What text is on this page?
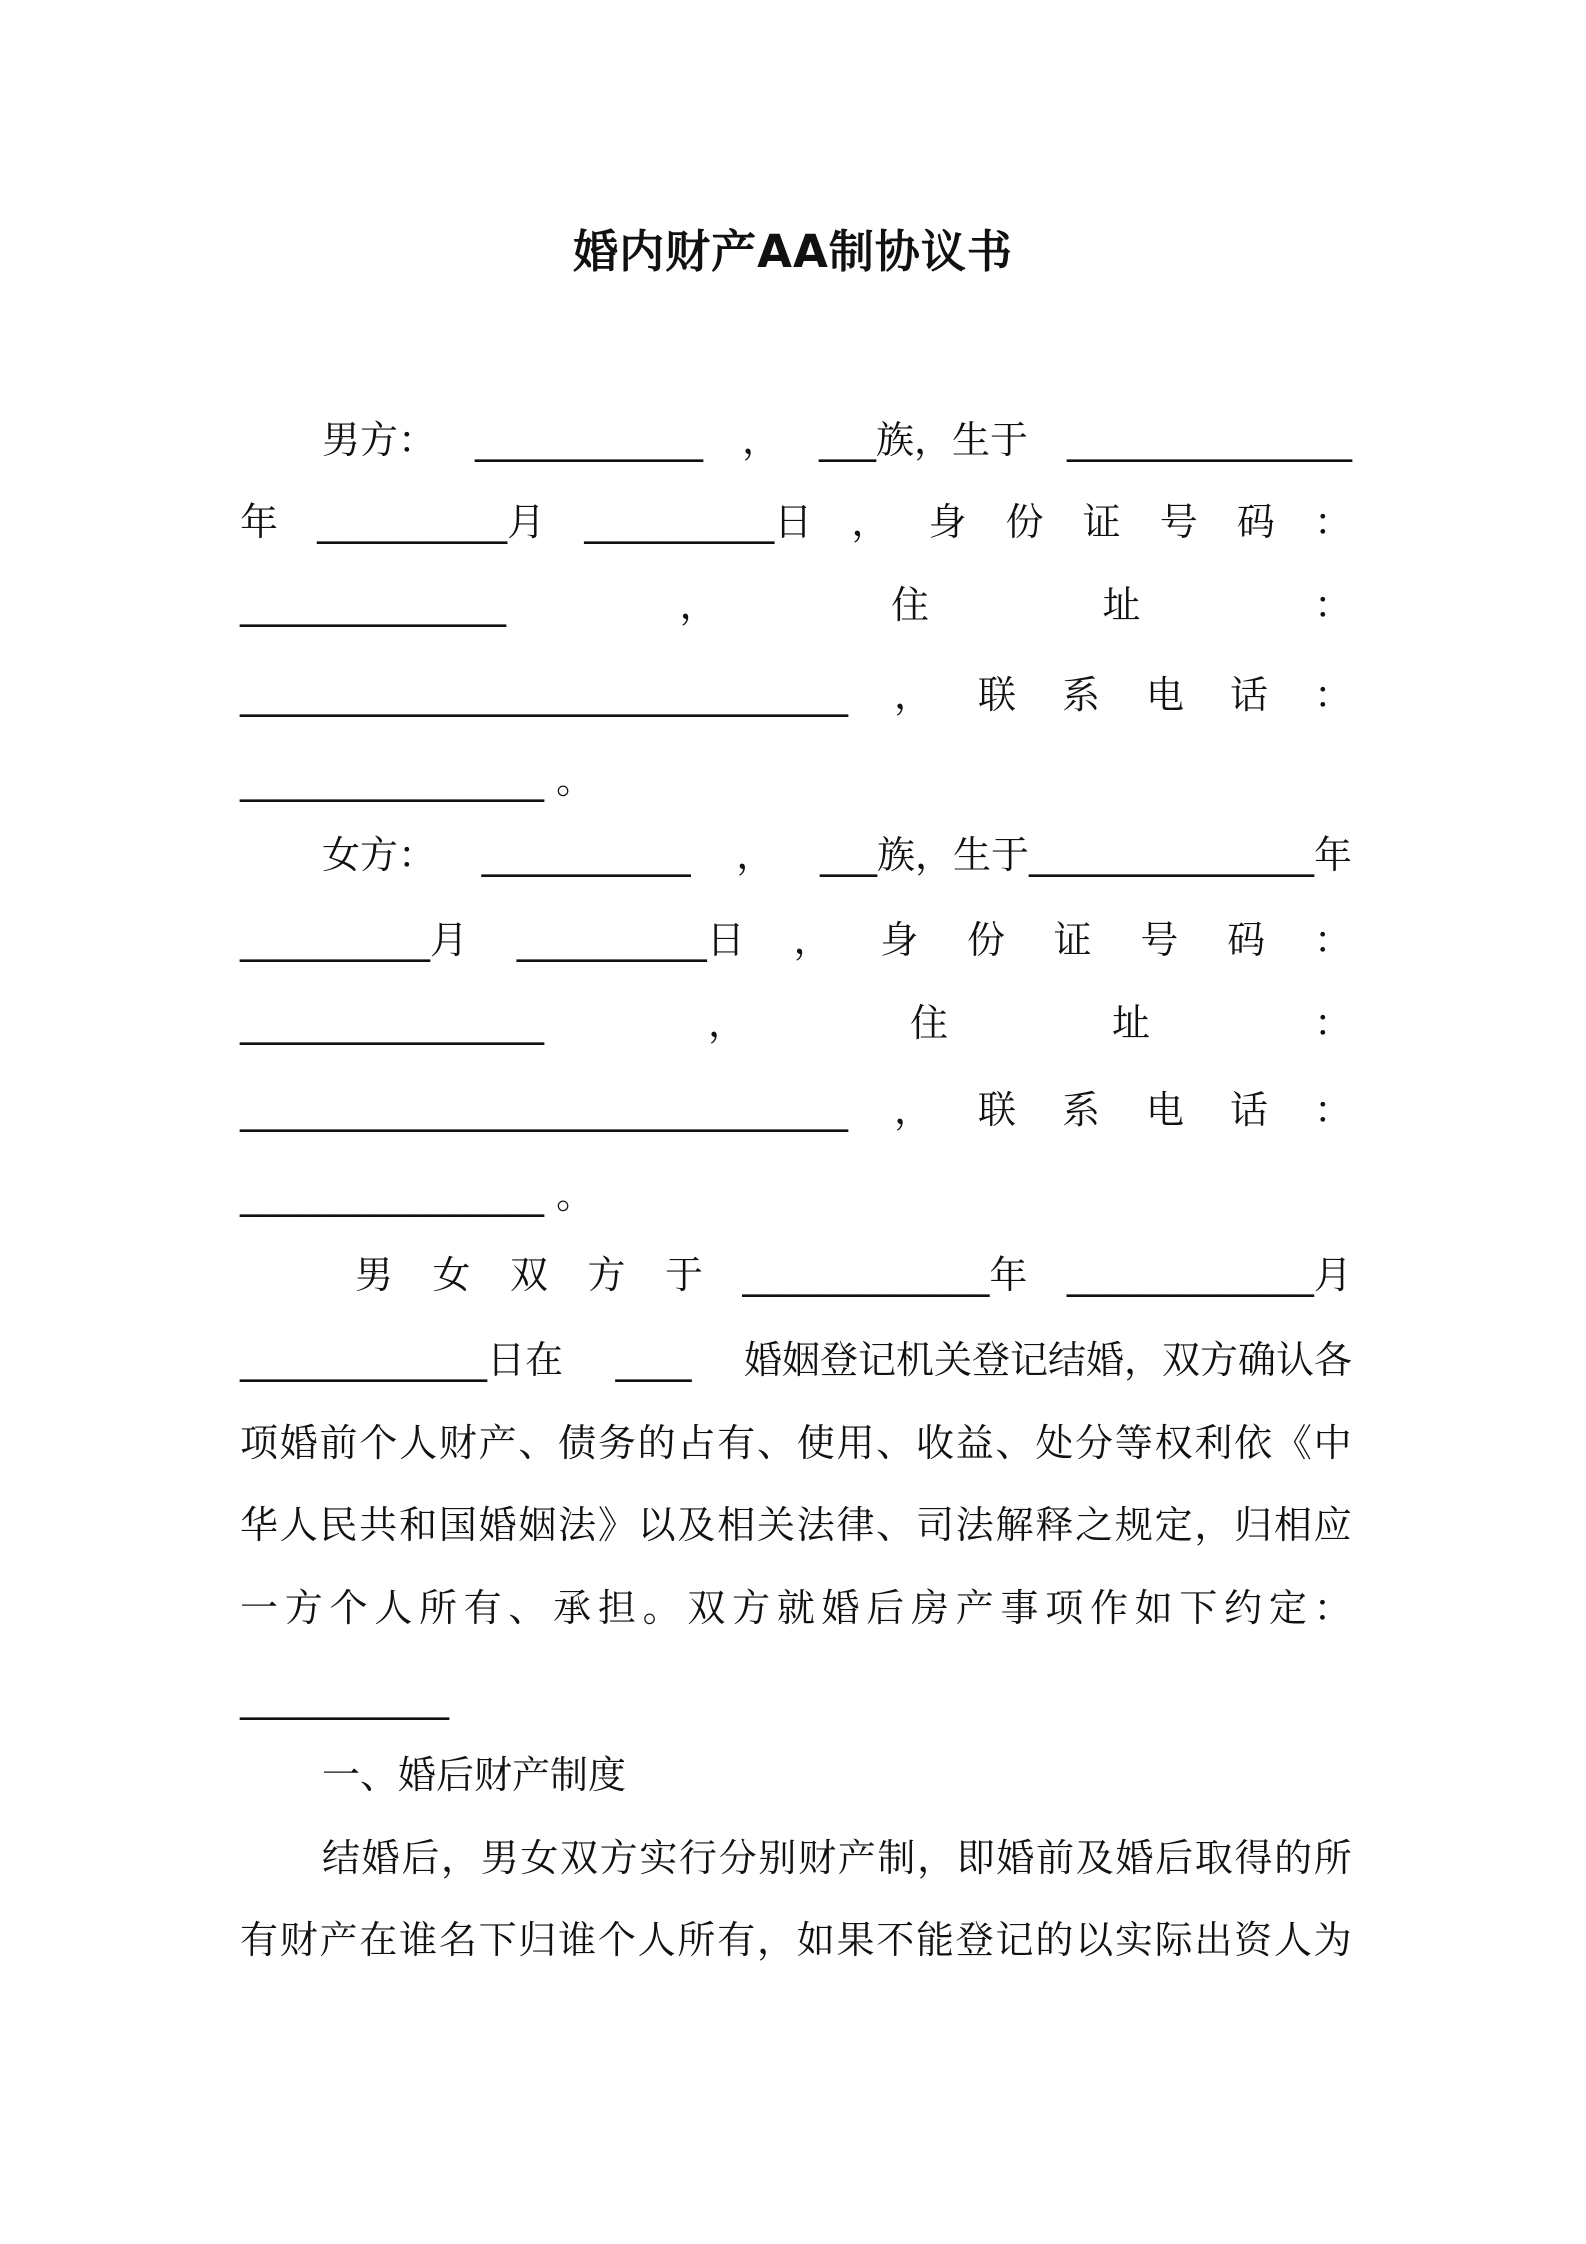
婚内财产AA制协议书
男方： ____________ ， ___族，生于 _______________
年 __________月 __________日 ， 身 份 证 号 码 ：
______________	，	住	址	：
________________________________ ， 联 系 电 话 ：
________________ 。
女方： ___________ ， ___族，生于_______________年
__________月 __________日 ， 身 份 证 号 码 ：
________________	，	住	址	：
________________________________ ， 联 系 电 话 ：
________________ 。
男 女 双 方 于 _____________年 _____________月
_____________日在 ____ 婚姻登记机关登记结婚，双方确认各
项 婚 前 个 人 财 产 、 债 务 的 占 有 、 使 用 、 收 益 、 处 分 等 权 利 依 《 中
华 人 民 共 和 国 婚 姻 法 》 以 及 相 关 法 律 、 司 法 解 释 之 规 定 ， 归 相 应
一 方 个 人 所 有 、 承 担 。 双 方 就 婚 后 房 产 事 项 作 如 下 约 定 ：
___________
一、婚后财产制度
结 婚 后 ， 男 女 双 方 实 行 分 别 财 产 制 ， 即 婚 前 及 婚 后 取 得 的 所
有 财 产 在 谁 名 下 归 谁 个 人 所 有 ， 如 果 不 能 登 记 的 以 实 际 出 资 人 为
